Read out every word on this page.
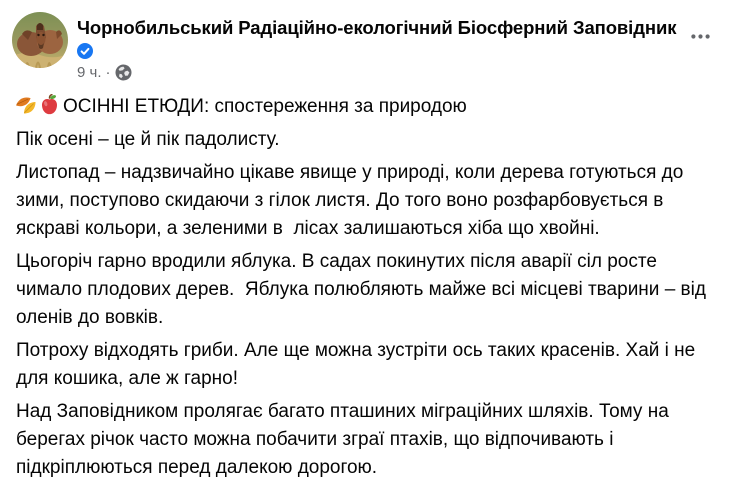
Чорнобильський Радіаційно-екологічний Біосферний Заповідник
9 ч. ·

ОСІННІ ЕТЮДИ: спостереження за природою

Пік осені – це й пік падолисту.

Листопад – надзвичайно цікаве явище у природі, коли дерева готуються до зими, поступово скидаючи з гілок листя. До того воно розфарбовується в яскраві кольори, а зеленими в  лісах залишаються хіба що хвойні.

Цьогоріч гарно вродили яблука. В садах покинутих після аварії сіл росте чимало плодових дерев.  Яблука полюбляють майже всі місцеві тварини – від оленів до вовків.

Потроху відходять гриби. Але ще можна зустріти ось таких красенів. Хай і не для кошика, але ж гарно!

Над Заповідником пролягає багато пташиних міграційних шляхів. Тому на берегах річок часто можна побачити зграї птахів, що відпочивають і підкріплюються перед далекою дорогою.
